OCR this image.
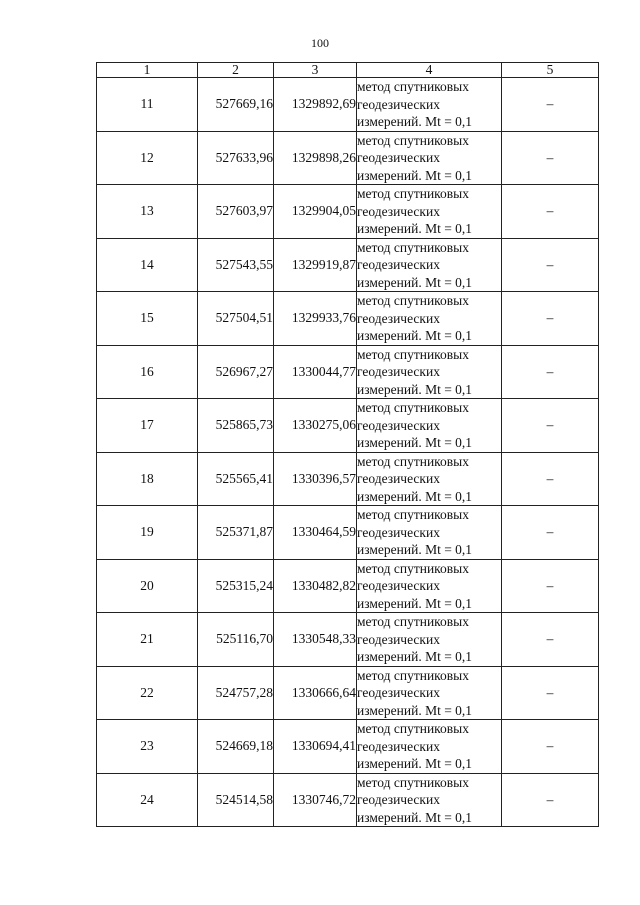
100
1	2	3	4	5
11	527669,16	1329892,69	метод спутниковых
геодезических
измерений. Mt = 0,1	–
12	527633,96	1329898,26	метод спутниковых
геодезических
измерений. Mt = 0,1	–
13	527603,97	1329904,05	метод спутниковых
геодезических
измерений. Mt = 0,1	–
14	527543,55	1329919,87	метод спутниковых
геодезических
измерений. Mt = 0,1	–
15	527504,51	1329933,76	метод спутниковых
геодезических
измерений. Mt = 0,1	–
16	526967,27	1330044,77	метод спутниковых
геодезических
измерений. Mt = 0,1	–
17	525865,73	1330275,06	метод спутниковых
геодезических
измерений. Mt = 0,1	–
18	525565,41	1330396,57	метод спутниковых
геодезических
измерений. Mt = 0,1	–
19	525371,87	1330464,59	метод спутниковых
геодезических
измерений. Mt = 0,1	–
20	525315,24	1330482,82	метод спутниковых
геодезических
измерений. Mt = 0,1	–
21	525116,70	1330548,33	метод спутниковых
геодезических
измерений. Mt = 0,1	–
22	524757,28	1330666,64	метод спутниковых
геодезических
измерений. Mt = 0,1	–
23	524669,18	1330694,41	метод спутниковых
геодезических
измерений. Mt = 0,1	–
24	524514,58	1330746,72	метод спутниковых
геодезических
измерений. Mt = 0,1	–
